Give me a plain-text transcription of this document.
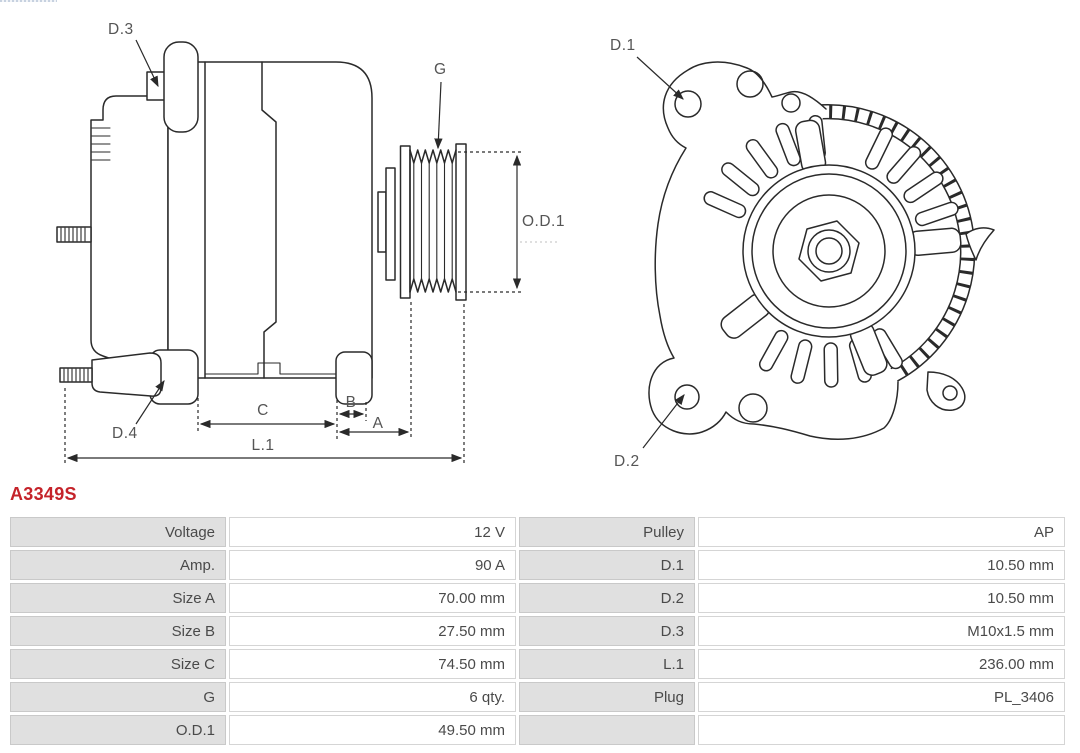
D.3
G
O.D.1
D.4
C	B
A
L.1
D.1
D.2
A3349S
Voltage	12 V	Pulley	AP
Amp.	90 A	D.1	10.50 mm
Size A	70.00 mm	D.2	10.50 mm
Size B	27.50 mm	D.3	M10x1.5 mm
Size C	74.50 mm	L.1	236.00 mm
G	6 qty.	Plug	PL_3406
O.D.1	49.50 mm
